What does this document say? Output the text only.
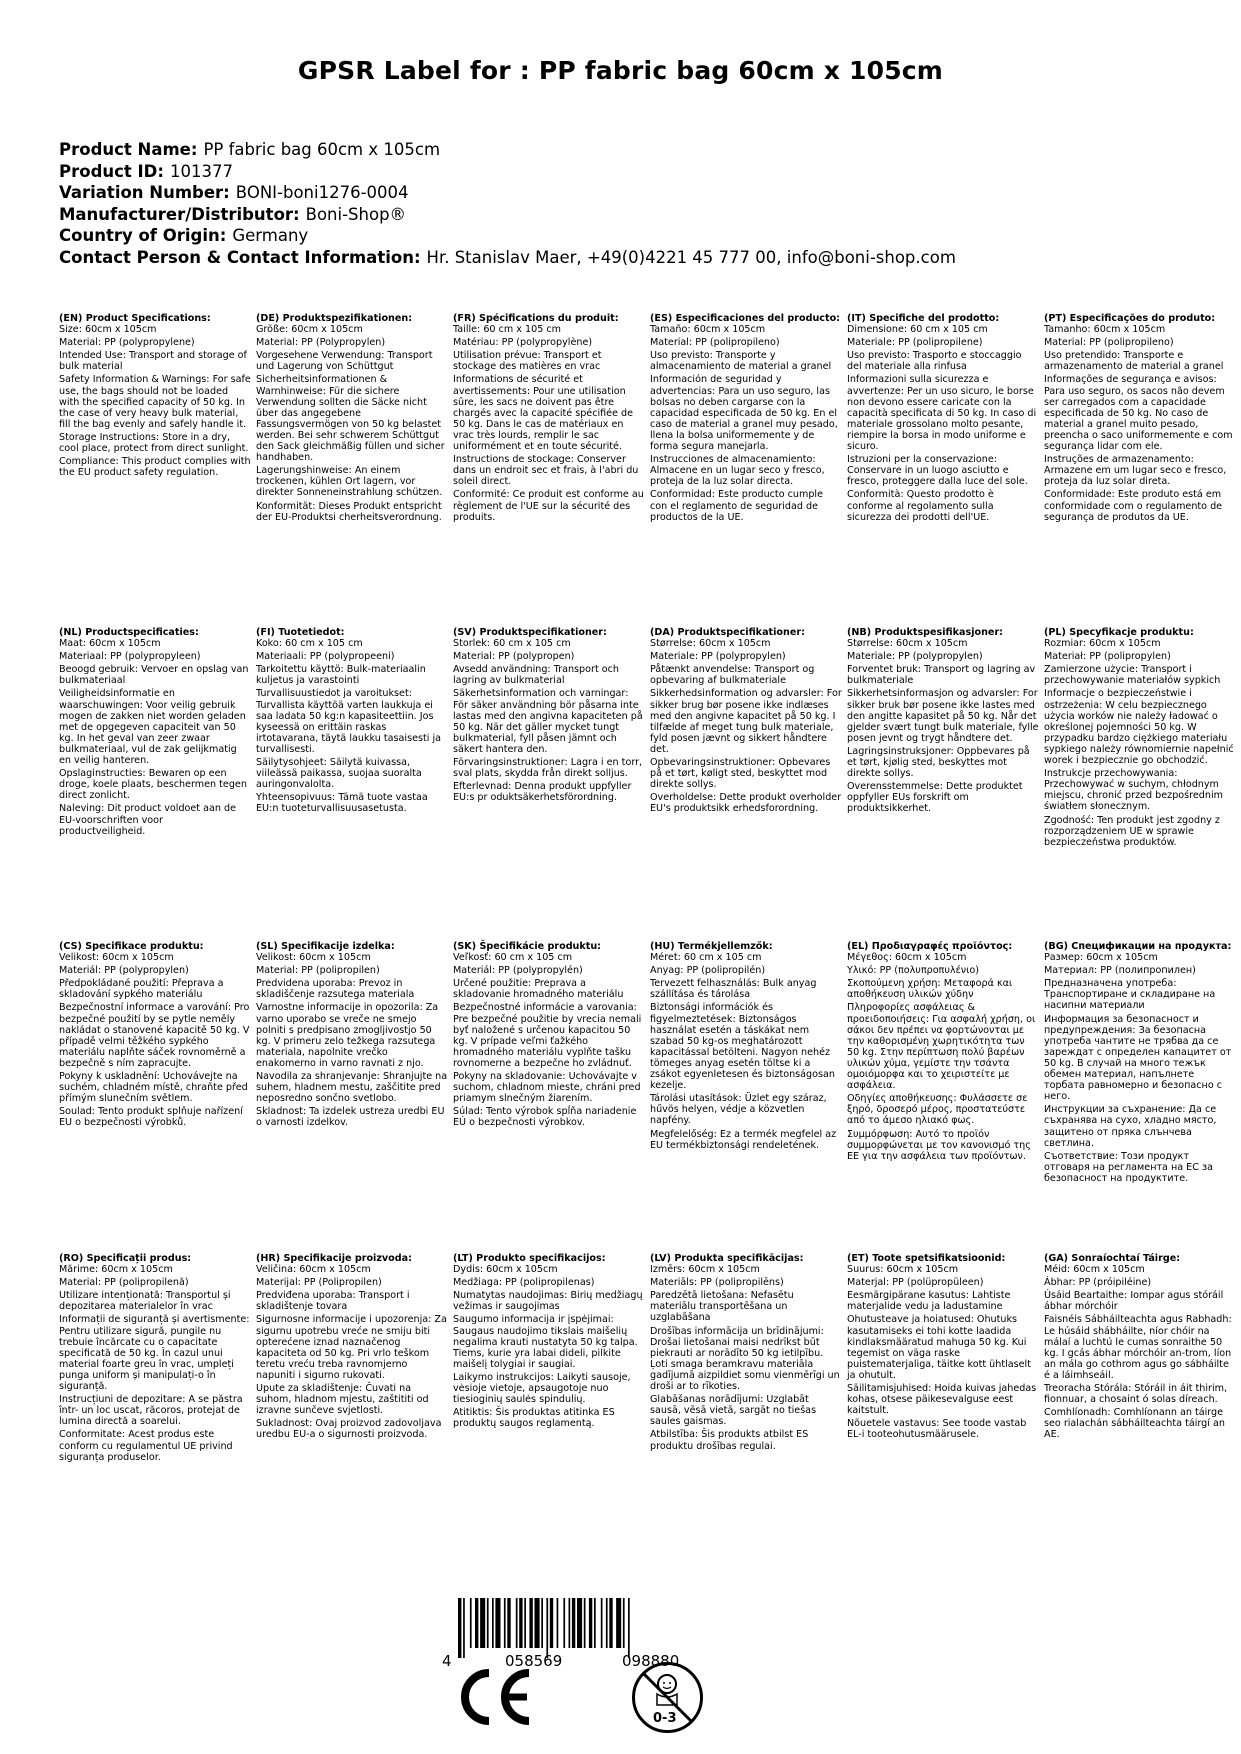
GPSR Label for : PP fabric bag 60cm x 105cm
Product Name: PP fabric bag 60cm x 105cm
Product ID: 101377
Variation Number: BONI-boni1276-0004
Manufacturer/Distributor: Boni-Shop®
Country of Origin: Germany
Contact Person & Contact Information: Hr. Stanislav Maer, +49(0)4221 45 777 00, info@boni-shop.com
(EN) Product Specifications:
Size: 60cm x 105cm
Material: PP (polypropylene)
Intended Use: Transport and storage of bulk material
Safety Information & Warnings: For safe use, the bags should not be loaded with the specified capacity of 50 kg. In the case of very heavy bulk material, fill the bag evenly and safely handle it.
Storage Instructions: Store in a dry, cool place, protect from direct sunlight.
Compliance: This product complies with the EU product safety regulation.
(DE) Produktspezifikationen:
Größe: 60cm x 105cm
Material: PP (Polypropylen)
Vorgesehene Verwendung: Transport und Lagerung von Schüttgut
Sicherheitsinformationen & Warnhinweise: Für die sichere Verwendung sollten die Säcke nicht über das angegebene Fassungsvermögen von 50 kg belastet werden. Bei sehr schwerem Schüttgut den Sack gleichmäßig füllen und sicher handhaben.
Lagerungshinweise: An einem trockenen, kühlen Ort lagern, vor direkter Sonneneinstrahlung schützen.
Konformität: Dieses Produkt entspricht der EU-Produktsi cherheitsverordnung.
(FR) Spécifications du produit:
Taille: 60 cm x 105 cm
Matériau: PP (polypropylène)
Utilisation prévue: Transport et stockage des matières en vrac
Informations de sécurité et avertissements: Pour une utilisation sûre, les sacs ne doivent pas être chargés avec la capacité spécifiée de 50 kg. Dans le cas de matériaux en vrac très lourds, remplir le sac uniformément et en toute sécurité.
Instructions de stockage: Conserver dans un endroit sec et frais, à l'abri du soleil direct.
Conformité: Ce produit est conforme au règlement de l'UE sur la sécurité des produits.
(ES) Especificaciones del producto:
Tamaño: 60cm x 105cm
Material: PP (polipropileno)
Uso previsto: Transporte y almacenamiento de material a granel
Información de seguridad y advertencias: Para un uso seguro, las bolsas no deben cargarse con la capacidad especificada de 50 kg. En el caso de material a granel muy pesado, llena la bolsa uniformemente y de forma segura manejarla.
Instrucciones de almacenamiento: Almacene en un lugar seco y fresco, proteja de la luz solar directa.
Conformidad: Este producto cumple con el reglamento de seguridad de productos de la UE.
(IT) Specifiche del prodotto:
Dimensione: 60 cm x 105 cm
Materiale: PP (polipropilene)
Uso previsto: Trasporto e stoccaggio del materiale alla rinfusa
Informazioni sulla sicurezza e avvertenze: Per un uso sicuro, le borse non devono essere caricate con la capacità specificata di 50 kg. In caso di materiale grossolano molto pesante, riempire la borsa in modo uniforme e sicuro.
Istruzioni per la conservazione: Conservare in un luogo asciutto e fresco, proteggere dalla luce del sole.
Conformità: Questo prodotto è conforme al regolamento sulla sicurezza dei prodotti dell'UE.
(PT) Especificações do produto:
Tamanho: 60cm x 105cm
Material: PP (polipropileno)
Uso pretendido: Transporte e armazenamento de material a granel
Informações de segurança e avisos: Para uso seguro, os sacos não devem ser carregados com a capacidade especificada de 50 kg. No caso de material a granel muito pesado, preencha o saco uniformemente e com segurança lidar com ele.
Instruções de armazenamento: Armazene em um lugar seco e fresco, proteja da luz solar direta.
Conformidade: Este produto está em conformidade com o regulamento de segurança de produtos da UE.
(NL) Productspecificaties:
Maat: 60cm x 105cm
Materiaal: PP (polypropyleen)
Beoogd gebruik: Vervoer en opslag van bulkmateriaal
Veiligheidsinformatie en waarschuwingen: Voor veilig gebruik mogen de zakken niet worden geladen met de opgegeven capaciteit van 50 kg. In het geval van zeer zwaar bulkmateriaal, vul de zak gelijkmatig en veilig hanteren.
Opslaginstructies: Bewaren op een droge, koele plaats, beschermen tegen direct zonlicht.
Naleving: Dit product voldoet aan de EU-voorschriften voor productveiligheid.
(FI) Tuotetiedot:
Koko: 60 cm x 105 cm
Materiaali: PP (polypropeeni)
Tarkoitettu käyttö: Bulk-materiaalin kuljetus ja varastointi
Turvallisuustiedot ja varoitukset: Turvallista käyttöä varten laukkuja ei saa ladata 50 kg:n kapasiteettiin. Jos kyseessä on erittäin raskas irtotavarana, täytä laukku tasaisesti ja turvallisesti.
Säilytysohjeet: Säilytä kuivassa, viileässä paikassa, suojaa suoralta auringonvalolta.
Yhteensopivuus: Tämä tuote vastaa EU:n tuoteturvallisuusasetusta.
(SV) Produktspecifikationer:
Storlek: 60 cm x 105 cm
Material: PP (polypropen)
Avsedd användning: Transport och lagring av bulkmaterial
Säkerhetsinformation och varningar: För säker användning bör påsarna inte lastas med den angivna kapaciteten på 50 kg. När det gäller mycket tungt bulkmaterial, fyll påsen jämnt och säkert hantera den.
Förvaringsinstruktioner: Lagra i en torr, sval plats, skydda från direkt solljus.
Efterlevnad: Denna produkt uppfyller EU:s pr oduktsäkerhetsförordning.
(DA) Produktspecifikationer:
Størrelse: 60cm x 105cm
Materiale: PP (polypropylen)
Påtænkt anvendelse: Transport og opbevaring af bulkmateriale
Sikkerhedsinformation og advarsler: For sikker brug bør posene ikke indlæses med den angivne kapacitet på 50 kg. I tilfælde af meget tung bulk materiale, fyld posen jævnt og sikkert håndtere det.
Opbevaringsinstruktioner: Opbevares på et tørt, køligt sted, beskyttet mod direkte sollys.
Overholdelse: Dette produkt overholder EU's produktsikk erhedsforordning.
(NB) Produktspesifikasjoner:
Størrelse: 60cm x 105cm
Materiale: PP (polypropylen)
Forventet bruk: Transport og lagring av bulkmateriale
Sikkerhetsinformasjon og advarsler: For sikker bruk bør posene ikke lastes med den angitte kapasitet på 50 kg. Når det gjelder svært tungt bulk materiale, fylle posen jevnt og trygt håndtere det.
Lagringsinstruksjoner: Oppbevares på et tørt, kjølig sted, beskyttes mot direkte sollys.
Overensstemmelse: Dette produktet oppfyller EUs forskrift om produktsikkerhet.
(PL) Specyfikacje produktu:
Rozmiar: 60cm x 105cm
Materiał: PP (polipropylen)
Zamierzone użycie: Transport i przechowywanie materiałów sypkich
Informacje o bezpieczeństwie i ostrzeżenia: W celu bezpiecznego użycia worków nie należy ładować o określonej pojemności 50 kg. W przypadku bardzo ciężkiego materiału sypkiego należy równomiernie napełnić worek i bezpiecznie go obchodzić.
Instrukcje przechowywania: Przechowywać w suchym, chłodnym miejscu, chronić przed bezpośrednim światłem słonecznym.
Zgodność: Ten produkt jest zgodny z rozporządzeniem UE w sprawie bezpieczeństwa produktów.
(CS) Specifikace produktu:
Velikost: 60cm x 105cm
Materiál: PP (polypropylen)
Předpokládané použití: Přeprava a skladování sypkého materiálu
Bezpečnostní informace a varování: Pro bezpečné použití by se pytle neměly nakládat o stanovené kapacitě 50 kg. V případě velmi těžkého sypkého materiálu naplňte sáček rovnoměrně a bezpečně s ním zapracujte.
Pokyny k uskladnění: Uchovávejte na suchém, chladném místě, chraňte před přímým slunečním světlem.
Soulad: Tento produkt splňuje nařízení EU o bezpečnosti výrobků.
(SL) Specifikacije izdelka:
Velikost: 60cm x 105cm
Material: PP (polipropilen)
Predvidena uporaba: Prevoz in skladiščenje razsutega materiala
Varnostne informacije in opozorila: Za varno uporabo se vreče ne smejo polniti s predpisano zmogljivostjo 50 kg. V primeru zelo težkega razsutega materiala, napolnite vrečko enakomerno in varno ravnati z njo.
Navodila za shranjevanje: Shranjujte na suhem, hladnem mestu, zaščitite pred neposredno sončno svetlobo.
Skladnost: Ta izdelek ustreza uredbi EU o varnosti izdelkov.
(SK) Špecifikácie produktu:
Veľkosť: 60 cm x 105 cm
Materiál: PP (polypropylén)
Určené použitie: Preprava a skladovanie hromadného materiálu
Bezpečnostné informácie a varovania: Pre bezpečné použitie by vrecia nemali byť naložené s určenou kapacitou 50 kg. V prípade veľmi ťažkého hromadného materiálu vyplňte tašku rovnomerne a bezpečne ho zvládnuť.
Pokyny na skladovanie: Uchovávajte v suchom, chladnom mieste, chráni pred priamym slnečným žiarením.
Súlad: Tento výrobok spĺňa nariadenie EÚ o bezpečnosti výrobkov.
(HU) Termékjellemzők:
Méret: 60 cm x 105 cm
Anyag: PP (polipropilén)
Tervezett felhasználás: Bulk anyag szállítása és tárolása
Biztonsági információk és figyelmeztetések: Biztonságos használat esetén a táskákat nem szabad 50 kg-os meghatározott kapacitással betölteni. Nagyon nehéz tömeges anyag esetén töltse ki a zsákot egyenletesen és biztonságosan kezelje.
Tárolási utasítások: Üzlet egy száraz, hűvös helyen, védje a közvetlen napfény.
Megfelelőség: Ez a termék megfelel az EU termékbiztonsági rendeletének.
(EL) Προδιαγραφές προϊόντος:
Μέγεθος: 60cm x 105cm
Υλικό: PP (πολυπροπυλένιο)
Σκοπούμενη χρήση: Μεταφορά και αποθήκευση υλικών χύδην
Πληροφορίες ασφάλειας & προειδοποιήσεις: Για ασφαλή χρήση, οι σάκοι δεν πρέπει να φορτώνονται με την καθορισμένη χωρητικότητα των 50 kg. Στην περίπτωση πολύ βαρέων υλικών χύμα, γεμίστε την τσάντα ομοιόμορφα και το χειριστείτε με ασφάλεια.
Οδηγίες αποθήκευσης: Φυλάσσετε σε ξηρό, δροσερό μέρος, προστατεύστε από το άμεσο ηλιακό φως.
Συμμόρφωση: Αυτό το προϊόν συμμορφώνεται με τον κανονισμό της ΕΕ για την ασφάλεια των προϊόντων.
(BG) Спецификации на продукта:
Размер: 60cm x 105cm
Материал: PP (полипропилен)
Предназначена употреба: Транспортиране и складиране на насипни материали
Информация за безопасност и предупреждения: За безопасна употреба чантите не трябва да се зареждат с определен капацитет от 50 kg. В случай на много тежък обемен материал, напълнете торбата равномерно и безопасно с него.
Инструкции за съхранение: Да се съхранява на сухо, хладно място, защитено от пряка слънчева светлина.
Съответствие: Този продукт отговаря на регламента на ЕС за безопасност на продуктите.
(RO) Specificații produs:
Mărime: 60cm x 105cm
Material: PP (polipropilenă)
Utilizare intenționată: Transportul și depozitarea materialelor în vrac
Informații de siguranță și avertismente: Pentru utilizare sigură, pungile nu trebuie încărcate cu o capacitate specificată de 50 kg. În cazul unui material foarte greu în vrac, umpleți punga uniform și manipulați-o în siguranță.
Instrucțiuni de depozitare: A se păstra într- un loc uscat, răcoros, protejat de lumina directă a soarelui.
Conformitate: Acest produs este conform cu regulamentul UE privind siguranța produselor.
(HR) Specifikacije proizvoda:
Veličina: 60cm x 105cm
Materijal: PP (Polipropilen)
Predviđena uporaba: Transport i skladištenje tovara
Sigurnosne informacije i upozorenja: Za sigurnu upotrebu vreće ne smiju biti opterećene iznad naznačenog kapaciteta od 50 kg. Pri vrlo teškom teretu vreću treba ravnomjerno napuniti i sigurno rukovati.
Upute za skladištenje: Čuvati na suhom, hladnom mjestu, zaštititi od izravne sunčeve svjetlosti.
Sukladnost: Ovaj proizvod zadovoljava uredbu EU-a o sigurnosti proizvoda.
(LT) Produkto specifikacijos:
Dydis: 60cm x 105cm
Medžiaga: PP (polipropilenas)
Numatytas naudojimas: Birių medžiagų vežimas ir saugojimas
Saugumo informacija ir įspėjimai: Saugaus naudojimo tikslais maišelių negalima krauti nustatyta 50 kg talpa. Tiems, kurie yra labai dideli, pilkite maišelį tolygiai ir saugiai.
Laikymo instrukcijos: Laikyti sausoje, vėsioje vietoje, apsaugotoje nuo tiesioginių saulės spindulių.
Atitiktis: Šis produktas atitinka ES produktų saugos reglamentą.
(LV) Produkta specifikācijas:
Izmērs: 60cm x 105cm
Materiāls: PP (polipropilēns)
Paredzētā lietošana: Nefasētu materiālu transportēšana un uzglabāšana
Drošības informācija un brīdinājumi: Drošai lietošanai maisi nedrīkst būt piekrauti ar norādīto 50 kg ietilpību. Ļoti smaga beramkravu materiāla gadījumā aizpildiet somu vienmērīgi un droši ar to rīkoties.
Glabāšanas norādījumi: Uzglabāt sausā, vēsā vietā, sargāt no tiešas saules gaismas.
Atbilstība: Šis produkts atbilst ES produktu drošības regulai.
(ET) Toote spetsifikatsioonid:
Suurus: 60cm x 105cm
Materjal: PP (polüpropüleen)
Eesmärgipärane kasutus: Lahtiste materjalide vedu ja ladustamine
Ohutusteave ja hoiatused: Ohutuks kasutamiseks ei tohi kotte laadida kindlaksmääratud mahuga 50 kg. Kui tegemist on väga raske puistematerjaliga, täitke kott ühtlaselt ja ohutult.
Säilitamisjuhised: Hoida kuivas jahedas kohas, otsese päikesevalguse eest kaitstult.
Nõuetele vastavus: See toode vastab EL-i tooteohutusmäärusele.
(GA) Sonraíochtaí Táirge:
Méid: 60cm x 105cm
Ábhar: PP (próipiléine)
Úsáid Beartaithe: Iompar agus stóráil ábhar mórchóir
Faisnéis Sábháilteachta agus Rabhadh: Le húsáid shábháilte, níor chóir na málaí a luchtú le cumas sonraithe 50 kg. I gcás ábhar mórchóir an-trom, líon an mála go cothrom agus go sábháilte é a láimhseáil.
Treoracha Stórála: Stóráil in áit thirim, fionnuar, a chosaint ó solas díreach.
Comhlíonadh: Comhlíonann an táirge seo rialachán sábháilteachta táirgí an AE.
4	058569	098880
0-3
